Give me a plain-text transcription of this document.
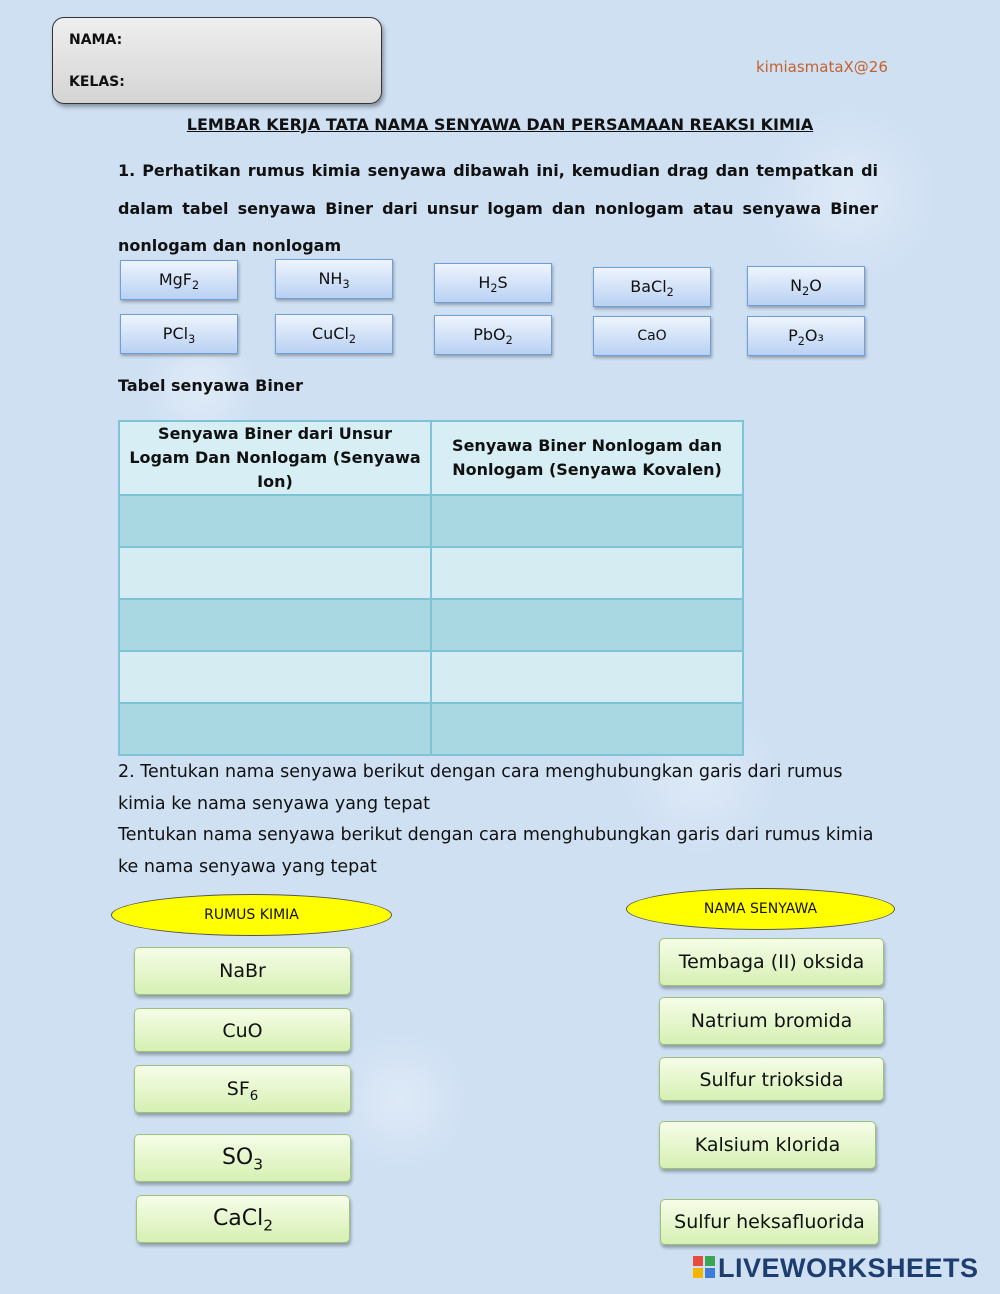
NAMA:
KELAS:
kimiasmataX@26
LEMBAR KERJA TATA NAMA SENYAWA DAN PERSAMAAN REAKSI KIMIA
1. Perhatikan rumus kimia senyawa dibawah ini, kemudian drag dan tempatkan di dalam tabel senyawa Biner dari unsur logam dan nonlogam atau senyawa Biner nonlogam dan nonlogam
MgF$_2$	$NH_3$	$H_2S$	BaCl$_2$	$N_2O$
PCl$_3$	CuCl$_2$	PbO$_2$	CaO	$P_2O_3$
Tabel senyawa Biner
Senyawa Biner dari Unsur Logam Dan Nonlogam (Senyawa Ion)	Senyawa Biner Nonlogam dan Nonlogam (Senyawa Kovalen)

2. Tentukan nama senyawa berikut dengan cara menghubungkan garis dari rumus kimia ke nama senyawa yang tepat
Tentukan nama senyawa berikut dengan cara menghubungkan garis dari rumus kimia ke nama senyawa yang tepat
RUMUS KIMIA	NAMA SENYAWA
NaBr
CuO
$SF_6$
$SO_3$
CaCl$_2$
Tembaga (II) oksida
Natrium bromida
Sulfur trioksida
Kalsium klorida
Sulfur heksafluorida
LIVEWORKSHEETS
